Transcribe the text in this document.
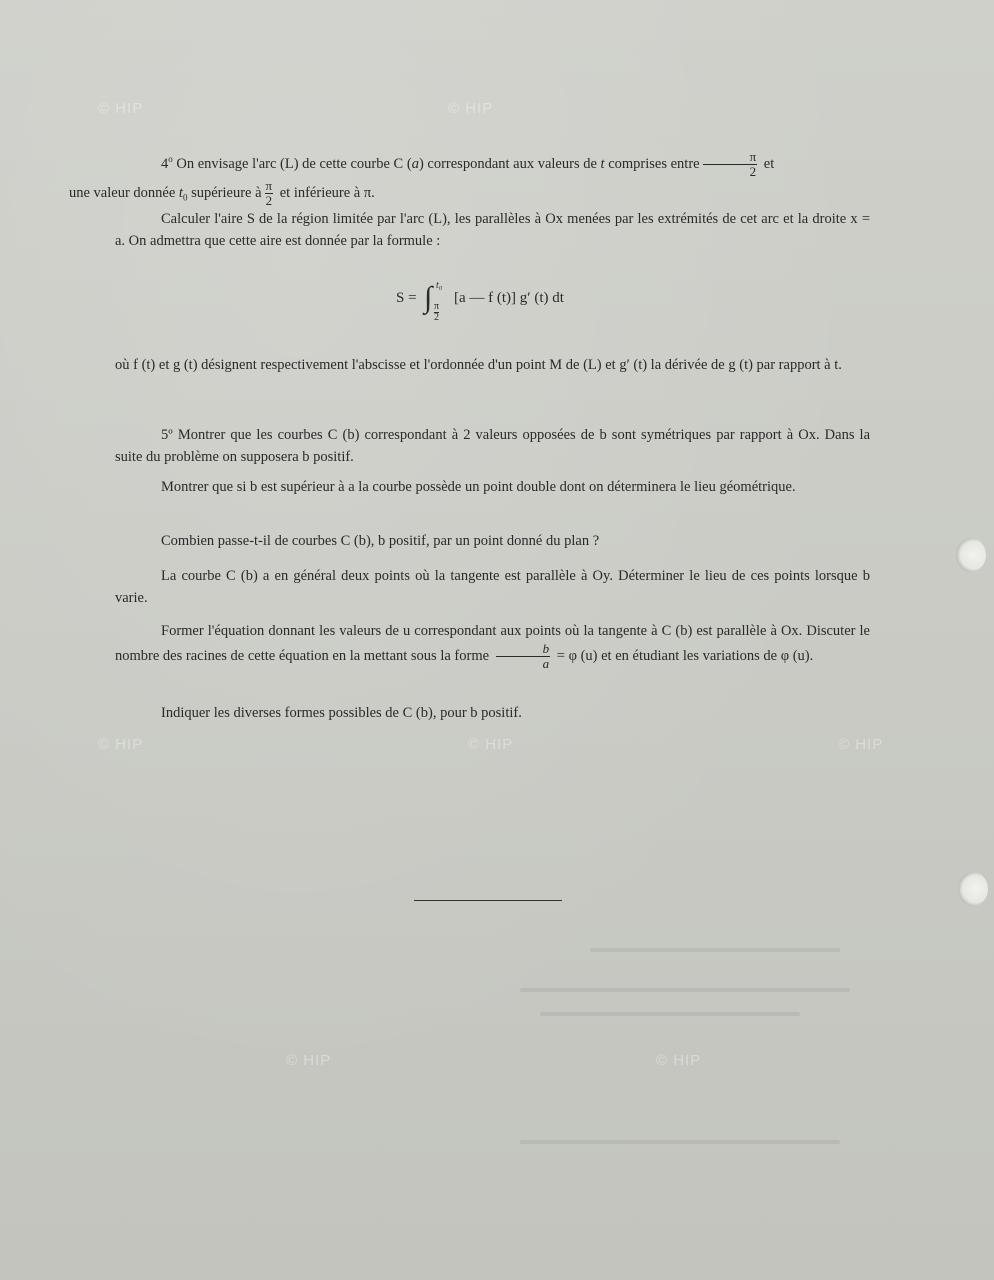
© HIP	© HIP
© HIP	© HIP	© HIP
© HIP	© HIP
4$^o$ On envisage l'arc (L) de cette courbe C (a) correspondant aux valeurs de t comprises entre $\frac{\pi}{2}$ et
une valeur donnée $t_0$ supérieure à $\frac{\pi}{2}$ et inférieure à π.
Calculer l'aire S de la région limitée par l'arc (L), les parallèles à Ox menées par les extrémités de cet arc et la droite x = a. On admettra que cette aire est donnée par la formule :
S = ∫ t₀
π
2
[a — f (t)] g′ (t) dt
où f (t) et g (t) désignent respectivement l'abscisse et l'ordonnée d'un point M de (L) et g′ (t) la dérivée de g (t) par rapport à t.
5º Montrer que les courbes C (b) correspondant à 2 valeurs opposées de b sont symétriques par rapport à Ox. Dans la suite du problème on supposera b positif.
Montrer que si b est supérieur à a la courbe possède un point double dont on déterminera le lieu géométrique.
Combien passe-t-il de courbes C (b), b positif, par un point donné du plan ?
La courbe C (b) a en général deux points où la tangente est parallèle à Oy. Déterminer le lieu de ces points lorsque b varie.
Former l'équation donnant les valeurs de u correspondant aux points où la tangente à C (b) est parallèle à Ox. Discuter le nombre des racines de cette équation en la mettant sous la forme $\frac{b}{a} = \varphi$ (u) et en étudiant les variations de φ (u).
Indiquer les diverses formes possibles de C (b), pour b positif.
